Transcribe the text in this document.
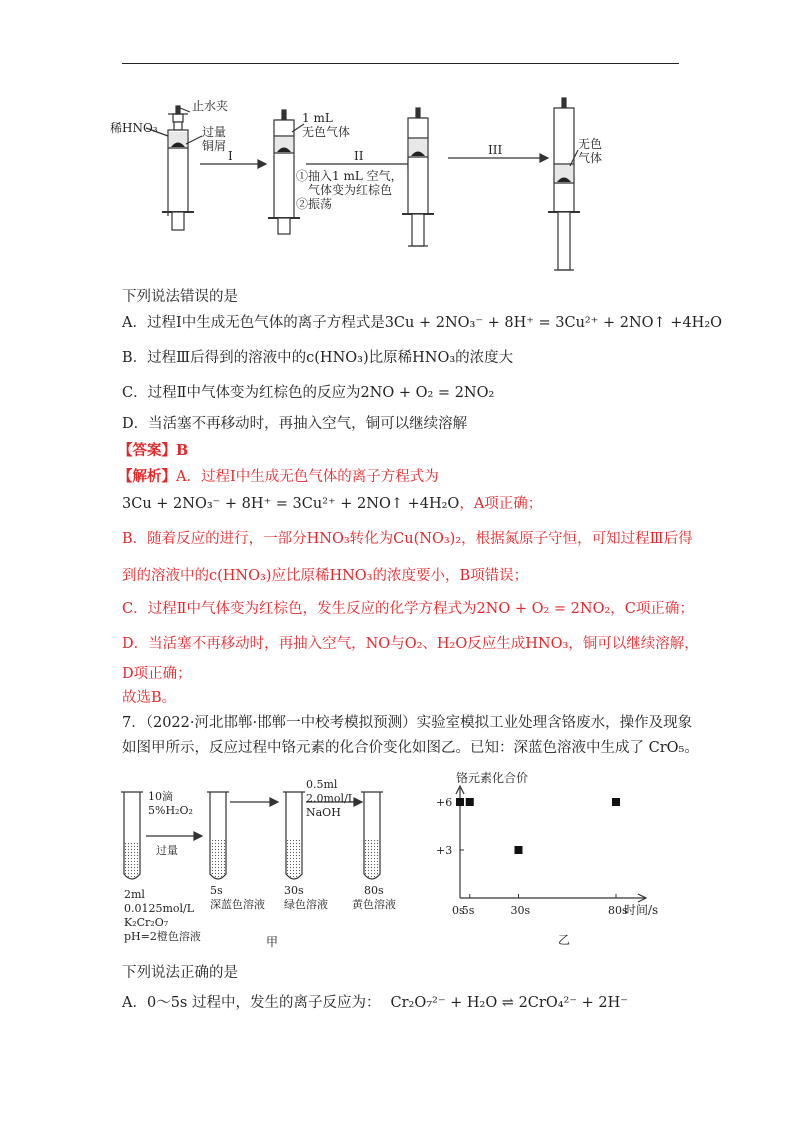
止水夹
稀HNO₃	过量
铜屑
I
1 mL
无色气体
II
①抽入1 mL 空气，
气体变为红棕色
②振荡
III	无色
气体
下列说法错误的是
A．过程Ⅰ中生成无色气体的离子方程式是3Cu + 2NO₃⁻ + 8H⁺ = 3Cu²⁺ + 2NO↑ +4H₂O
B．过程Ⅲ后得到的溶液中的c(HNO₃)比原稀HNO₃的浓度大
C．过程Ⅱ中气体变为红棕色的反应为2NO + O₂ = 2NO₂
D．当活塞不再移动时，再抽入空气，铜可以继续溶解
【答案】B
【解析】A．过程Ⅰ中生成无色气体的离子方程式为
3Cu + 2NO₃⁻ + 8H⁺ = 3Cu²⁺ + 2NO↑ +4H₂O，A项正确；
B．随着反应的进行，一部分HNO₃转化为Cu(NO₃)₂，根据氮原子守恒，可知过程Ⅲ后得
到的溶液中的c(HNO₃)应比原稀HNO₃的浓度要小，B项错误；
C．过程Ⅱ中气体变为红棕色，发生反应的化学方程式为2NO + O₂ = 2NO₂，C项正确；
D．当活塞不再移动时，再抽入空气，NO与O₂、H₂O反应生成HNO₃，铜可以继续溶解，
D项正确；
故选B。
7．（2022·河北邯郸·邯郸一中校考模拟预测）实验室模拟工业处理含铬废水，操作及现象
如图甲所示，反应过程中铬元素的化合价变化如图乙。已知：深蓝色溶液中生成了 CrO₅。
10滴
5%H₂O₂
过量
0.5ml
2.0mol/L
NaOH
2ml
0.0125mol/L
K₂Cr₂O₇
pH=2橙色溶液
5s
深蓝色溶液
30s
绿色溶液
80s
黄色溶液
甲
铬元素化合价
时间/s
+6
+3
0s
5s	30s	80s
乙
下列说法正确的是
A．0～5s 过程中，发生的离子反应为： Cr₂O₇²⁻ + H₂O ⇌ 2CrO₄²⁻ + 2H⁻
